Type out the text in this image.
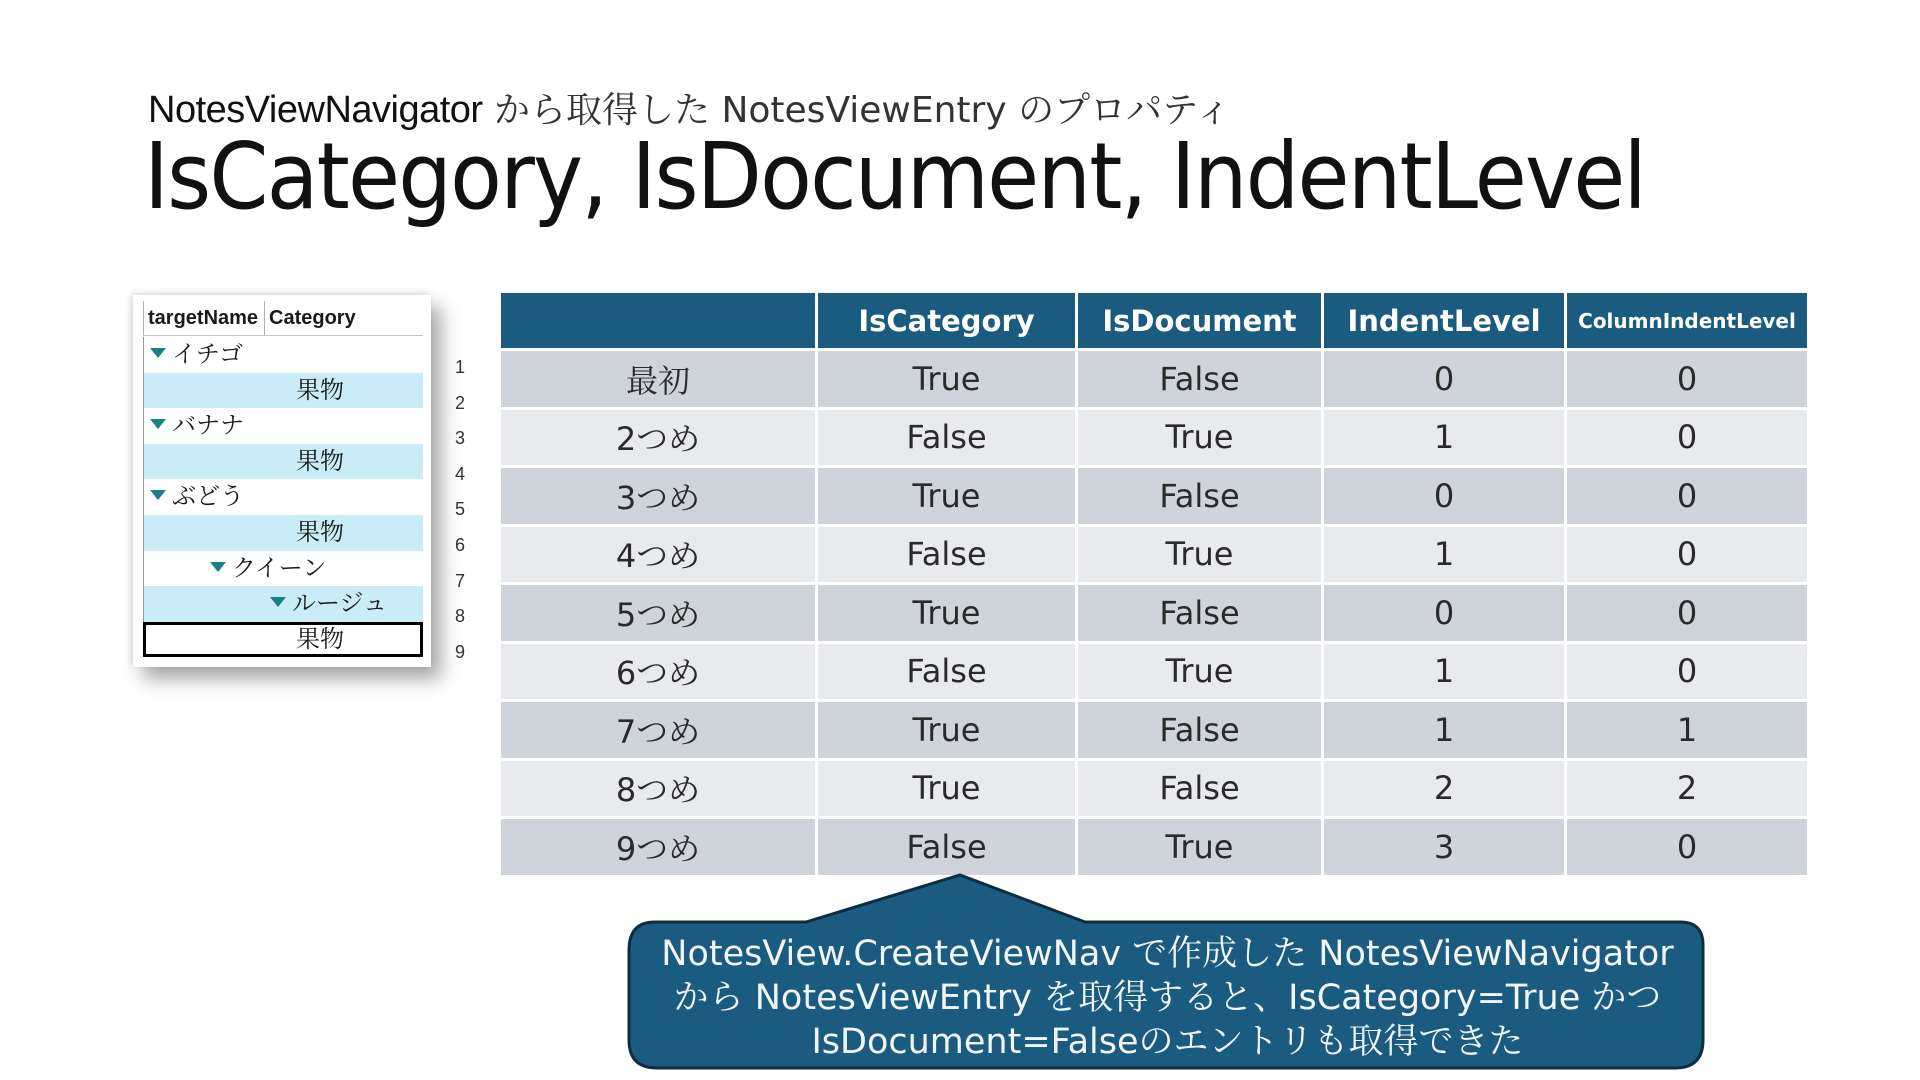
NotesViewNavigator から取得した NotesViewEntry のプロパティ
IsCategory, IsDocument, IndentLevel
targetName Category
イチゴ
果物
バナナ
果物
ぶどう
果物
クイーン
ルージュ
果物
1
2
3
4
5
6
7
8
9
	IsCategory	IsDocument	IndentLevel	ColumnIndentLevel
最初	True	False	0	0
2つめ	False	True	1	0
3つめ	True	False	0	0
4つめ	False	True	1	0
5つめ	True	False	0	0
6つめ	False	True	1	0
7つめ	True	False	1	1
8つめ	True	False	2	2
9つめ	False	True	3	0
NotesView.CreateViewNav で作成した NotesViewNavigator
から NotesViewEntry を取得すると、IsCategory=True かつ
IsDocument=Falseのエントリも取得できた
